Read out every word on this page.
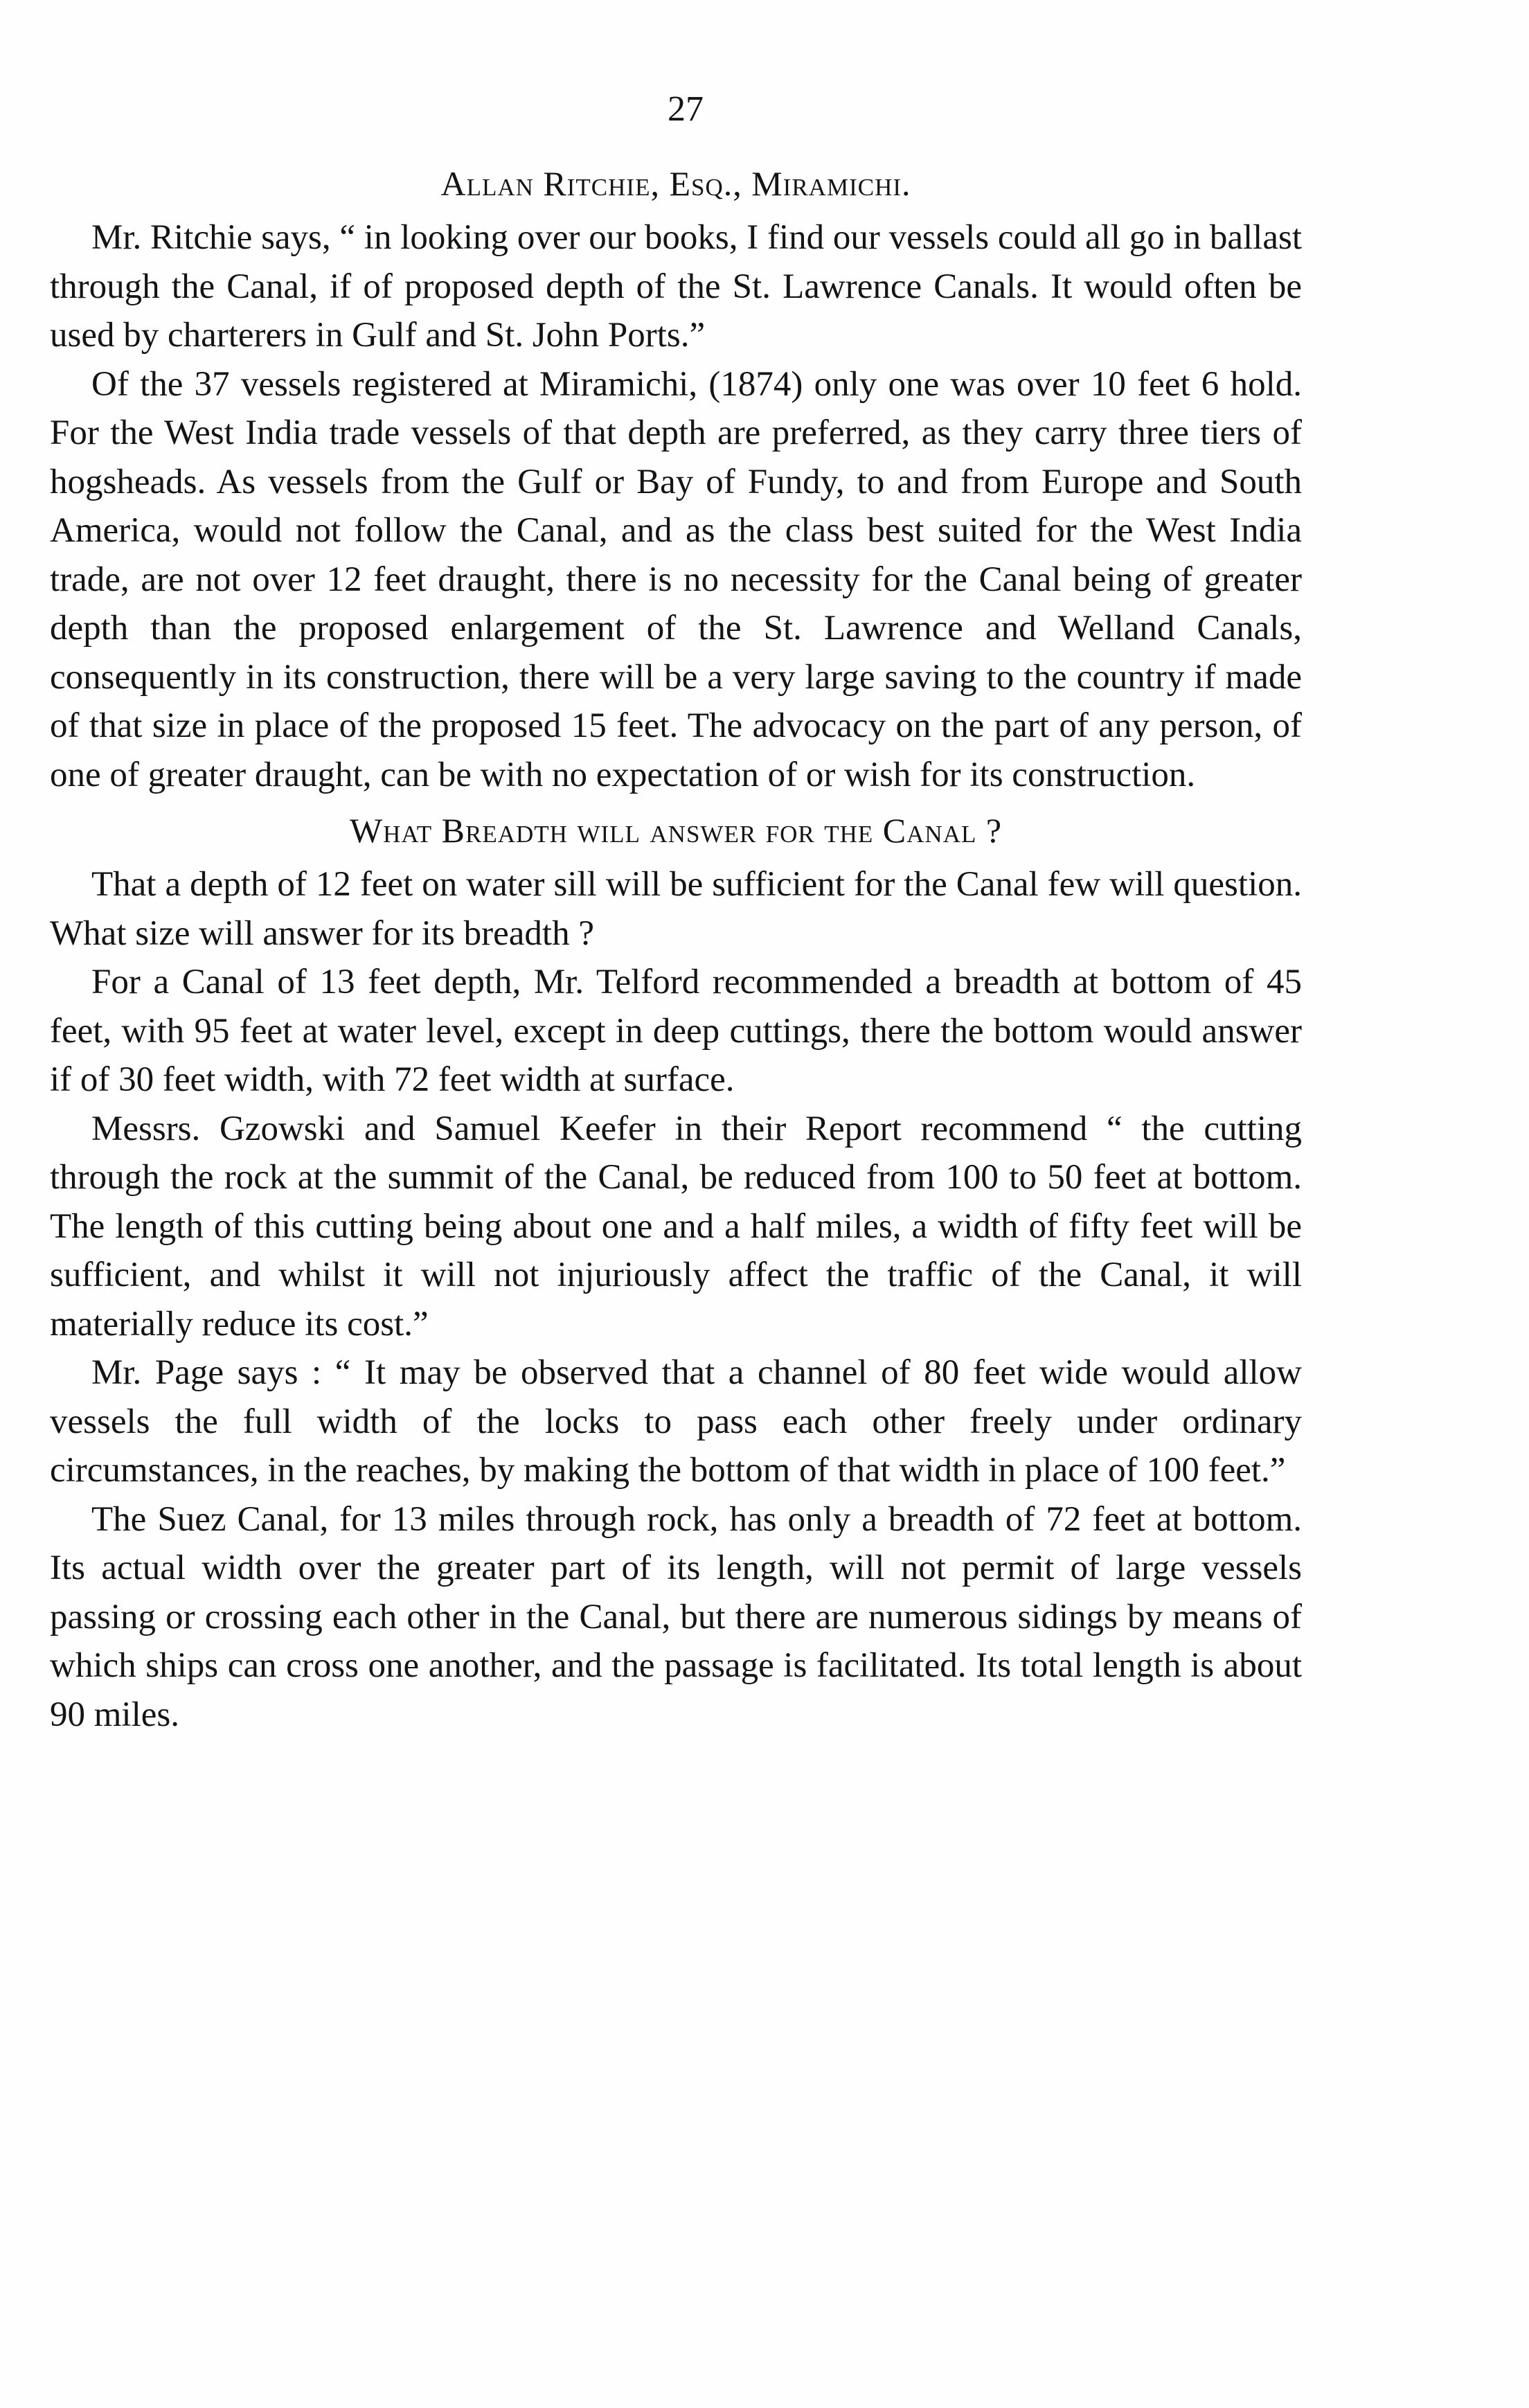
27
Allan Ritchie, Esq., Miramichi.

Mr. Ritchie says, “ in looking over our books, I find our vessels could all go in ballast through the Canal, if of proposed depth of the St. Lawrence Canals. It would often be used by charterers in Gulf and St. John Ports.”

Of the 37 vessels registered at Miramichi, (1874) only one was over 10 feet 6 hold. For the West India trade vessels of that depth are preferred, as they carry three tiers of hogsheads. As vessels from the Gulf or Bay of Fundy, to and from Europe and South America, would not follow the Canal, and as the class best suited for the West India trade, are not over 12 feet draught, there is no necessity for the Canal being of greater depth than the proposed enlargement of the St. Lawrence and Welland Canals, consequently in its construction, there will be a very large saving to the country if made of that size in place of the proposed 15 feet. The advocacy on the part of any person, of one of greater draught, can be with no expectation of or wish for its construction.

What Breadth will answer for the Canal ?

That a depth of 12 feet on water sill will be sufficient for the Canal few will question. What size will answer for its breadth ?

For a Canal of 13 feet depth, Mr. Telford recommended a breadth at bottom of 45 feet, with 95 feet at water level, except in deep cuttings, there the bottom would answer if of 30 feet width, with 72 feet width at surface.

Messrs. Gzowski and Samuel Keefer in their Report recommend “ the cutting through the rock at the summit of the Canal, be reduced from 100 to 50 feet at bottom. The length of this cutting being about one and a half miles, a width of fifty feet will be sufficient, and whilst it will not injuriously affect the traffic of the Canal, it will materially reduce its cost.”

Mr. Page says : “ It may be observed that a channel of 80 feet wide would allow vessels the full width of the locks to pass each other freely under ordinary circumstances, in the reaches, by making the bottom of that width in place of 100 feet.”

The Suez Canal, for 13 miles through rock, has only a breadth of 72 feet at bottom. Its actual width over the greater part of its length, will not permit of large vessels passing or crossing each other in the Canal, but there are numerous sidings by means of which ships can cross one another, and the passage is facilitated. Its total length is about 90 miles.
